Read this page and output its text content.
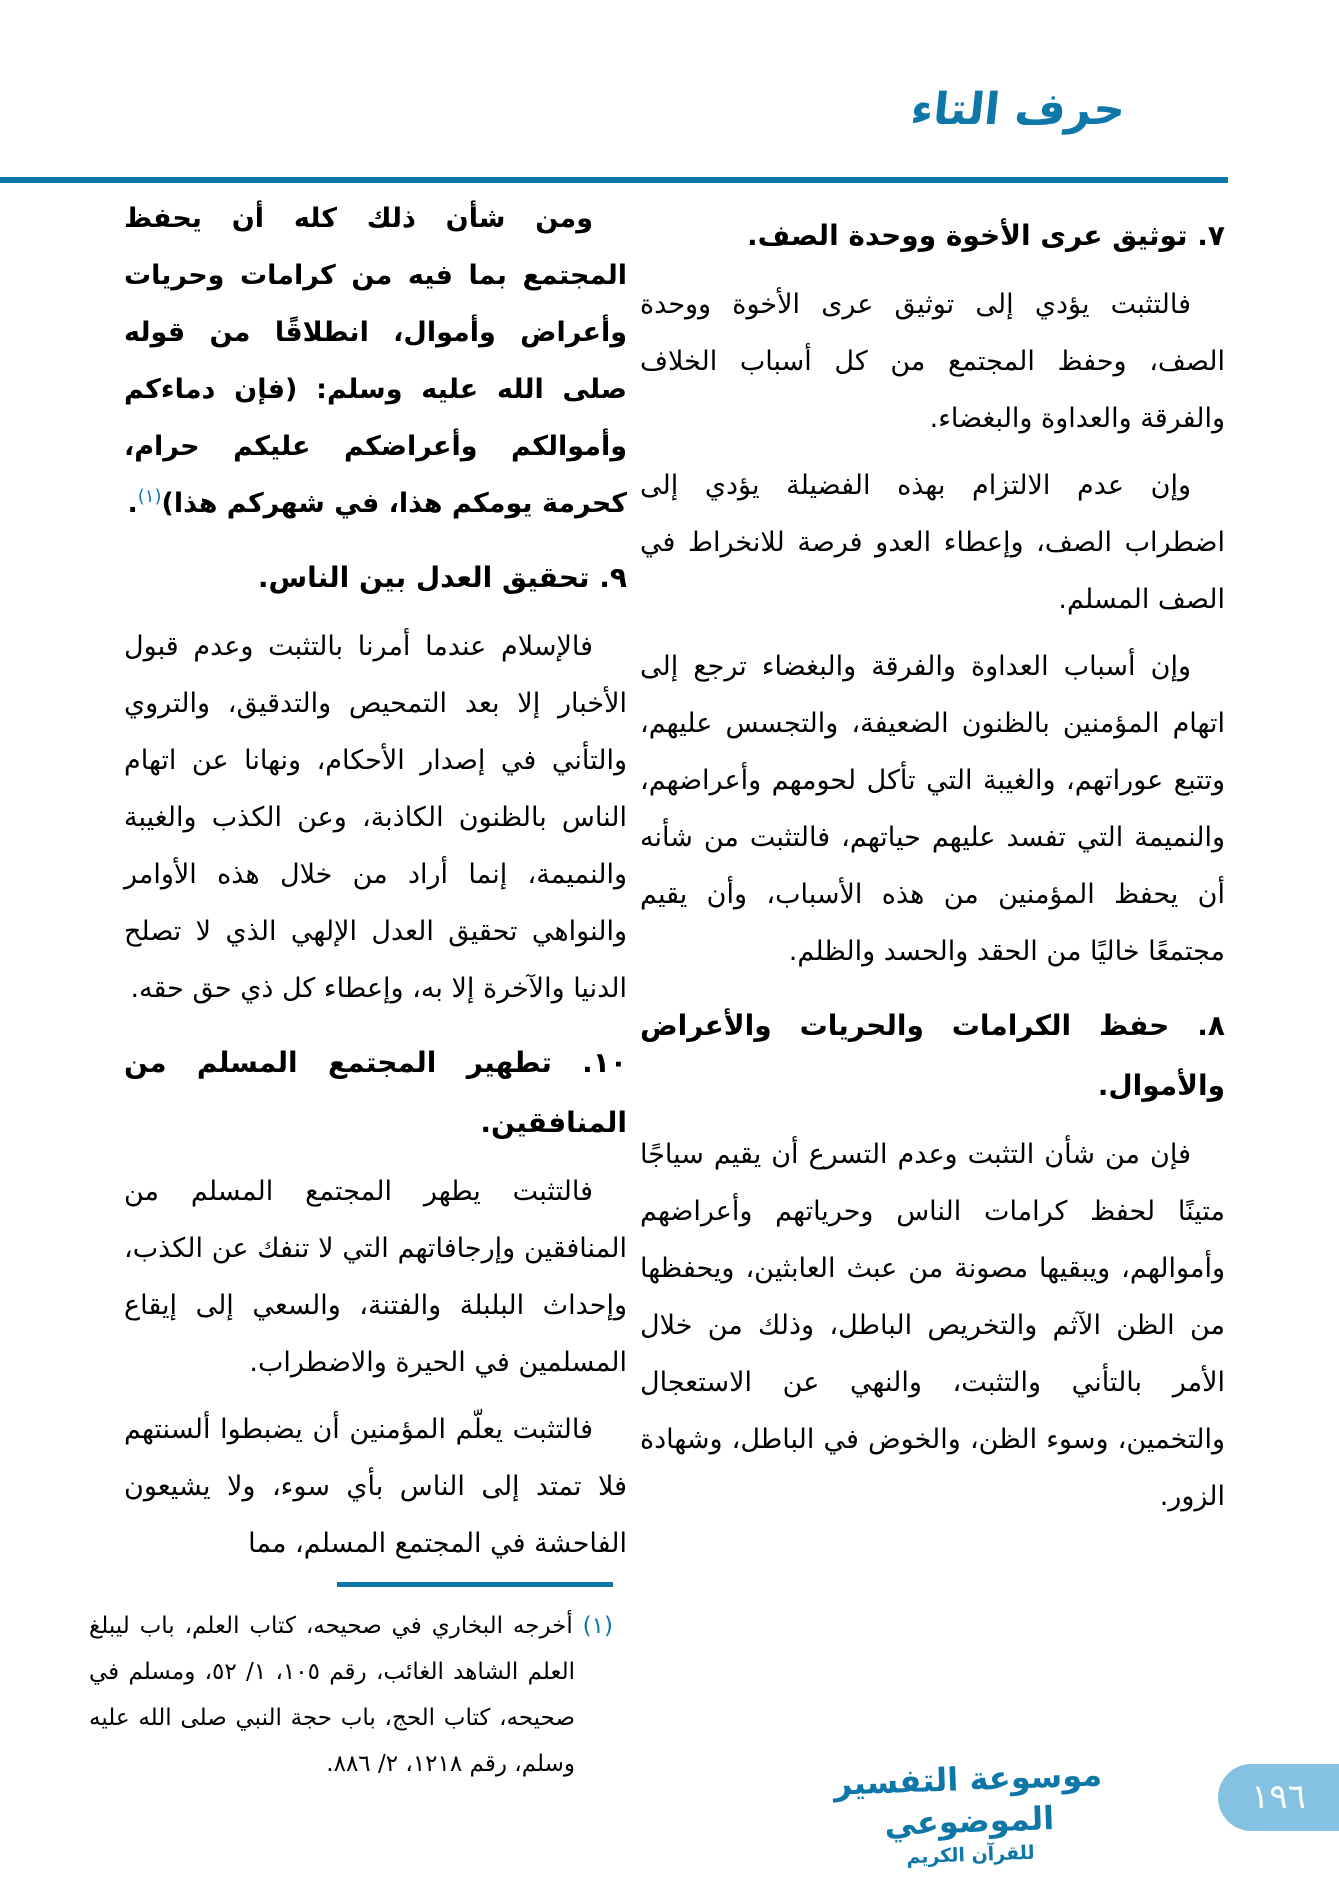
حرف التاء
٧. توثيق عرى الأخوة ووحدة الصف.

فالتثبت يؤدي إلى توثيق عرى الأخوة ووحدة الصف، وحفظ المجتمع من كل أسباب الخلاف والفرقة والعداوة والبغضاء.

وإن عدم الالتزام بهذه الفضيلة يؤدي إلى اضطراب الصف، وإعطاء العدو فرصة للانخراط في الصف المسلم.

وإن أسباب العداوة والفرقة والبغضاء ترجع إلى اتهام المؤمنين بالظنون الضعيفة، والتجسس عليهم، وتتبع عوراتهم، والغيبة التي تأكل لحومهم وأعراضهم، والنميمة التي تفسد عليهم حياتهم، فالتثبت من شأنه أن يحفظ المؤمنين من هذه الأسباب، وأن يقيم مجتمعًا خاليًا من الحقد والحسد والظلم.

٨. حفظ الكرامات والحريات والأعراض والأموال.

فإن من شأن التثبت وعدم التسرع أن يقيم سياجًا متينًا لحفظ كرامات الناس وحرياتهم وأعراضهم وأموالهم، ويبقيها مصونة من عبث العابثين، ويحفظها من الظن الآثم والتخريص الباطل، وذلك من خلال الأمر بالتأني والتثبت، والنهي عن الاستعجال والتخمين، وسوء الظن، والخوض في الباطل، وشهادة الزور.

ومن شأن ذلك كله أن يحفظ المجتمع بما فيه من كرامات وحريات وأعراض وأموال، انطلاقًا من قوله صلى الله عليه وسلم: (فإن دماءكم وأموالكم وأعراضكم عليكم حرام، كحرمة يومكم هذا، في شهركم هذا)$^{(١)}$.

٩. تحقيق العدل بين الناس.

فالإسلام عندما أمرنا بالتثبت وعدم قبول الأخبار إلا بعد التمحيص والتدقيق، والتروي والتأني في إصدار الأحكام، ونهانا عن اتهام الناس بالظنون الكاذبة، وعن الكذب والغيبة والنميمة، إنما أراد من خلال هذه الأوامر والنواهي تحقيق العدل الإلهي الذي لا تصلح الدنيا والآخرة إلا به، وإعطاء كل ذي حق حقه.

١٠. تطهير المجتمع المسلم من المنافقين.

فالتثبت يطهر المجتمع المسلم من المنافقين وإرجافاتهم التي لا تنفك عن الكذب، وإحداث البلبلة والفتنة، والسعي إلى إيقاع المسلمين في الحيرة والاضطراب.

فالتثبت يعلّم المؤمنين أن يضبطوا ألسنتهم فلا تمتد إلى الناس بأي سوء، ولا يشيعون الفاحشة في المجتمع المسلم، مما

(١) أخرجه البخاري في صحيحه، كتاب العلم، باب ليبلغ العلم الشاهد الغائب، رقم ١٠٥، ١/ ٥٢، ومسلم في صحيحه، كتاب الحج، باب حجة النبي صلى الله عليه وسلم، رقم ١٢١٨، ٢/ ٨٨٦.	موسوعة التفسير الموضوعي
للقرآن الكريم
١٩٦
